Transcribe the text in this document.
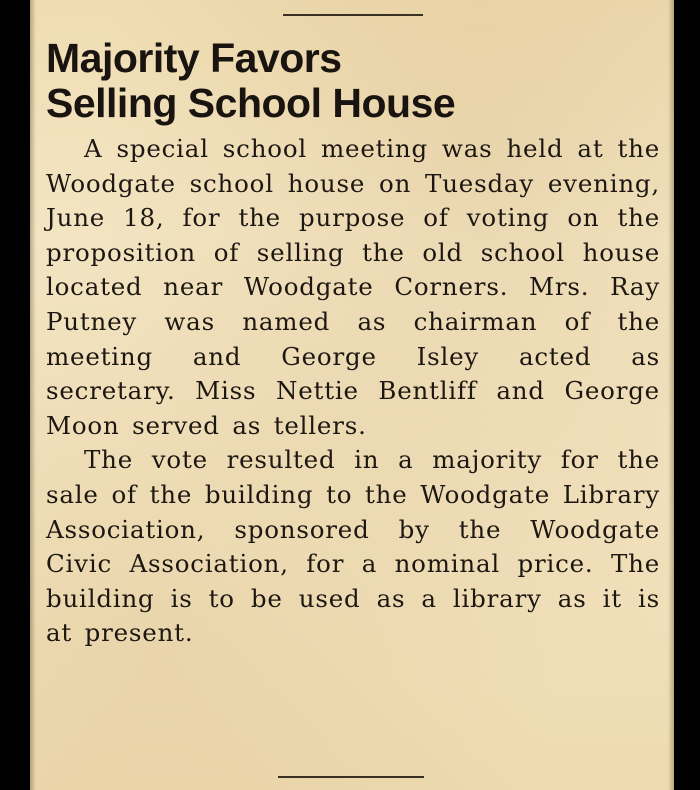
Majority Favors
Selling School House

A special school meeting was held at the Woodgate school house on Tuesday evening, June 18, for the purpose of voting on the proposition of selling the old school house located near Woodgate Corners. Mrs. Ray Putney was named as chairman of the meeting and George Isley acted as secretary. Miss Nettie Bentliff and George Moon served as tellers.

The vote resulted in a majority for the sale of the building to the Woodgate Library Association, sponsored by the Woodgate Civic Association, for a nominal price. The building is to be used as a library as it is at present.
